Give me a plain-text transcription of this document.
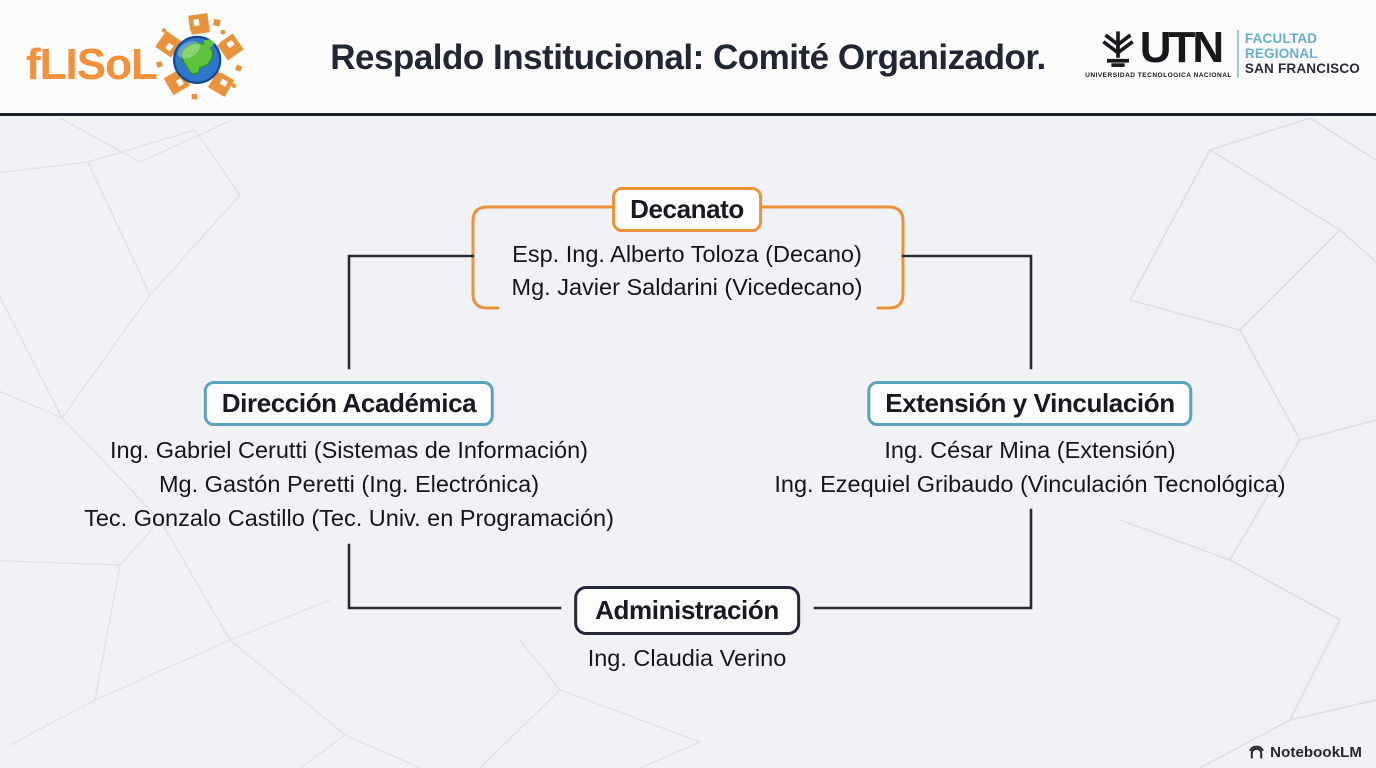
fLISoL	Respaldo Institucional: Comité Organizador. UTN
UNIVERSIDAD TECNOLOGICA NACIONAL
FACULTAD
REGIONAL
SAN FRANCISCO
Decanato
Esp. Ing. Alberto Toloza (Decano)
Mg. Javier Saldarini (Vicedecano)
Dirección Académica
Ing. Gabriel Cerutti (Sistemas de Información)
Mg. Gastón Peretti (Ing. Electrónica)
Tec. Gonzalo Castillo (Tec. Univ. en Programación)
Extensión y Vinculación
Ing. César Mina (Extensión)
Ing. Ezequiel Gribaudo (Vinculación Tecnológica)
Administración
Ing. Claudia Verino
NotebookLM
